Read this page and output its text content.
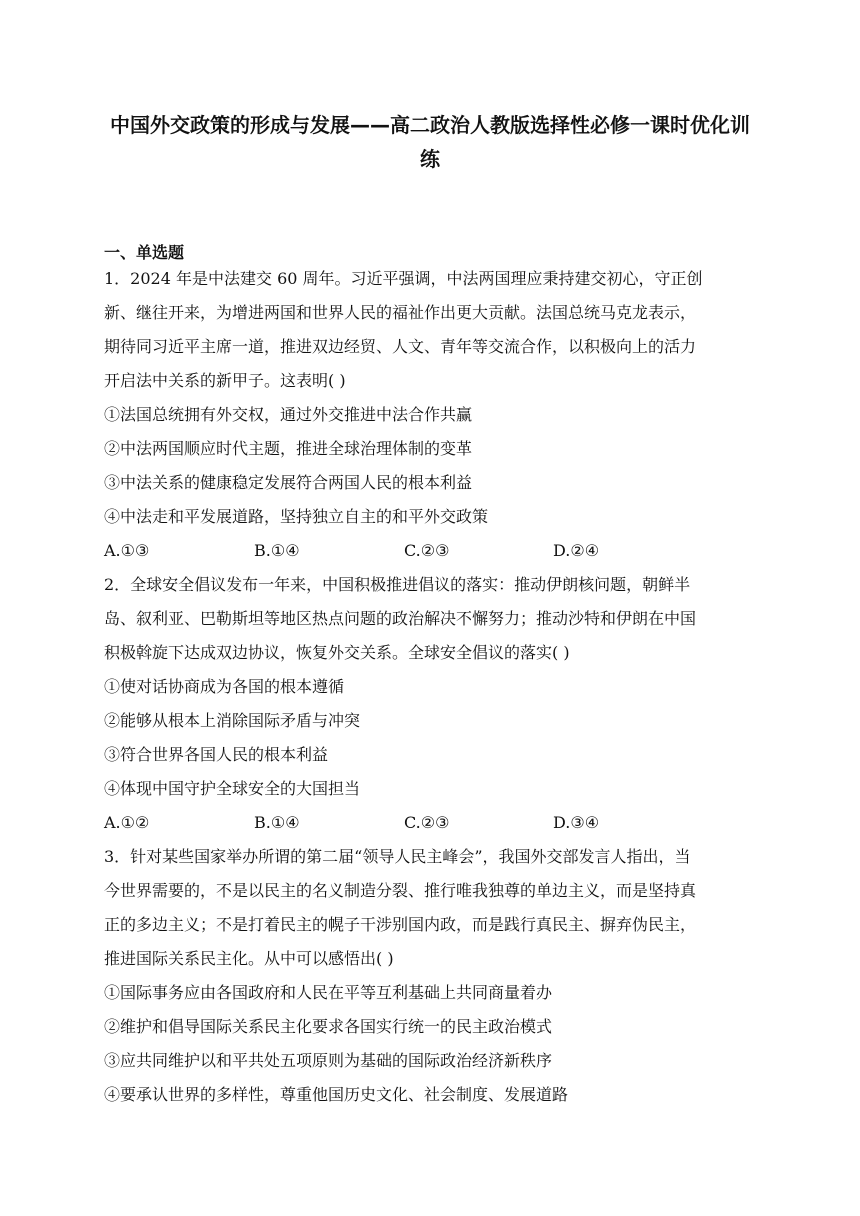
中国外交政策的形成与发展——高二政治人教版选择性必修一课时优化训
练
一、单选题
1．2024 年是中法建交 60 周年。习近平强调，中法两国理应秉持建交初心，守正创
新、继往开来，为增进两国和世界人民的福祉作出更大贡献。法国总统马克龙表示，
期待同习近平主席一道，推进双边经贸、人文、青年等交流合作，以积极向上的活力
开启法中关系的新甲子。这表明( )
①法国总统拥有外交权，通过外交推进中法合作共赢
②中法两国顺应时代主题，推进全球治理体制的变革
③中法关系的健康稳定发展符合两国人民的根本利益
④中法走和平发展道路，坚持独立自主的和平外交政策
A.①③	B.①④	C.②③	D.②④
2．全球安全倡议发布一年来，中国积极推进倡议的落实：推动伊朗核问题，朝鲜半
岛、叙利亚、巴勒斯坦等地区热点问题的政治解决不懈努力；推动沙特和伊朗在中国
积极斡旋下达成双边协议，恢复外交关系。全球安全倡议的落实( )
①使对话协商成为各国的根本遵循
②能够从根本上消除国际矛盾与冲突
③符合世界各国人民的根本利益
④体现中国守护全球安全的大国担当
A.①②	B.①④	C.②③	D.③④
3．针对某些国家举办所谓的第二届“领导人民主峰会”，我国外交部发言人指出，当
今世界需要的，不是以民主的名义制造分裂、推行唯我独尊的单边主义，而是坚持真
正的多边主义；不是打着民主的幌子干涉别国内政，而是践行真民主、摒弃伪民主，
推进国际关系民主化。从中可以感悟出( )
①国际事务应由各国政府和人民在平等互利基础上共同商量着办
②维护和倡导国际关系民主化要求各国实行统一的民主政治模式
③应共同维护以和平共处五项原则为基础的国际政治经济新秩序
④要承认世界的多样性，尊重他国历史文化、社会制度、发展道路
